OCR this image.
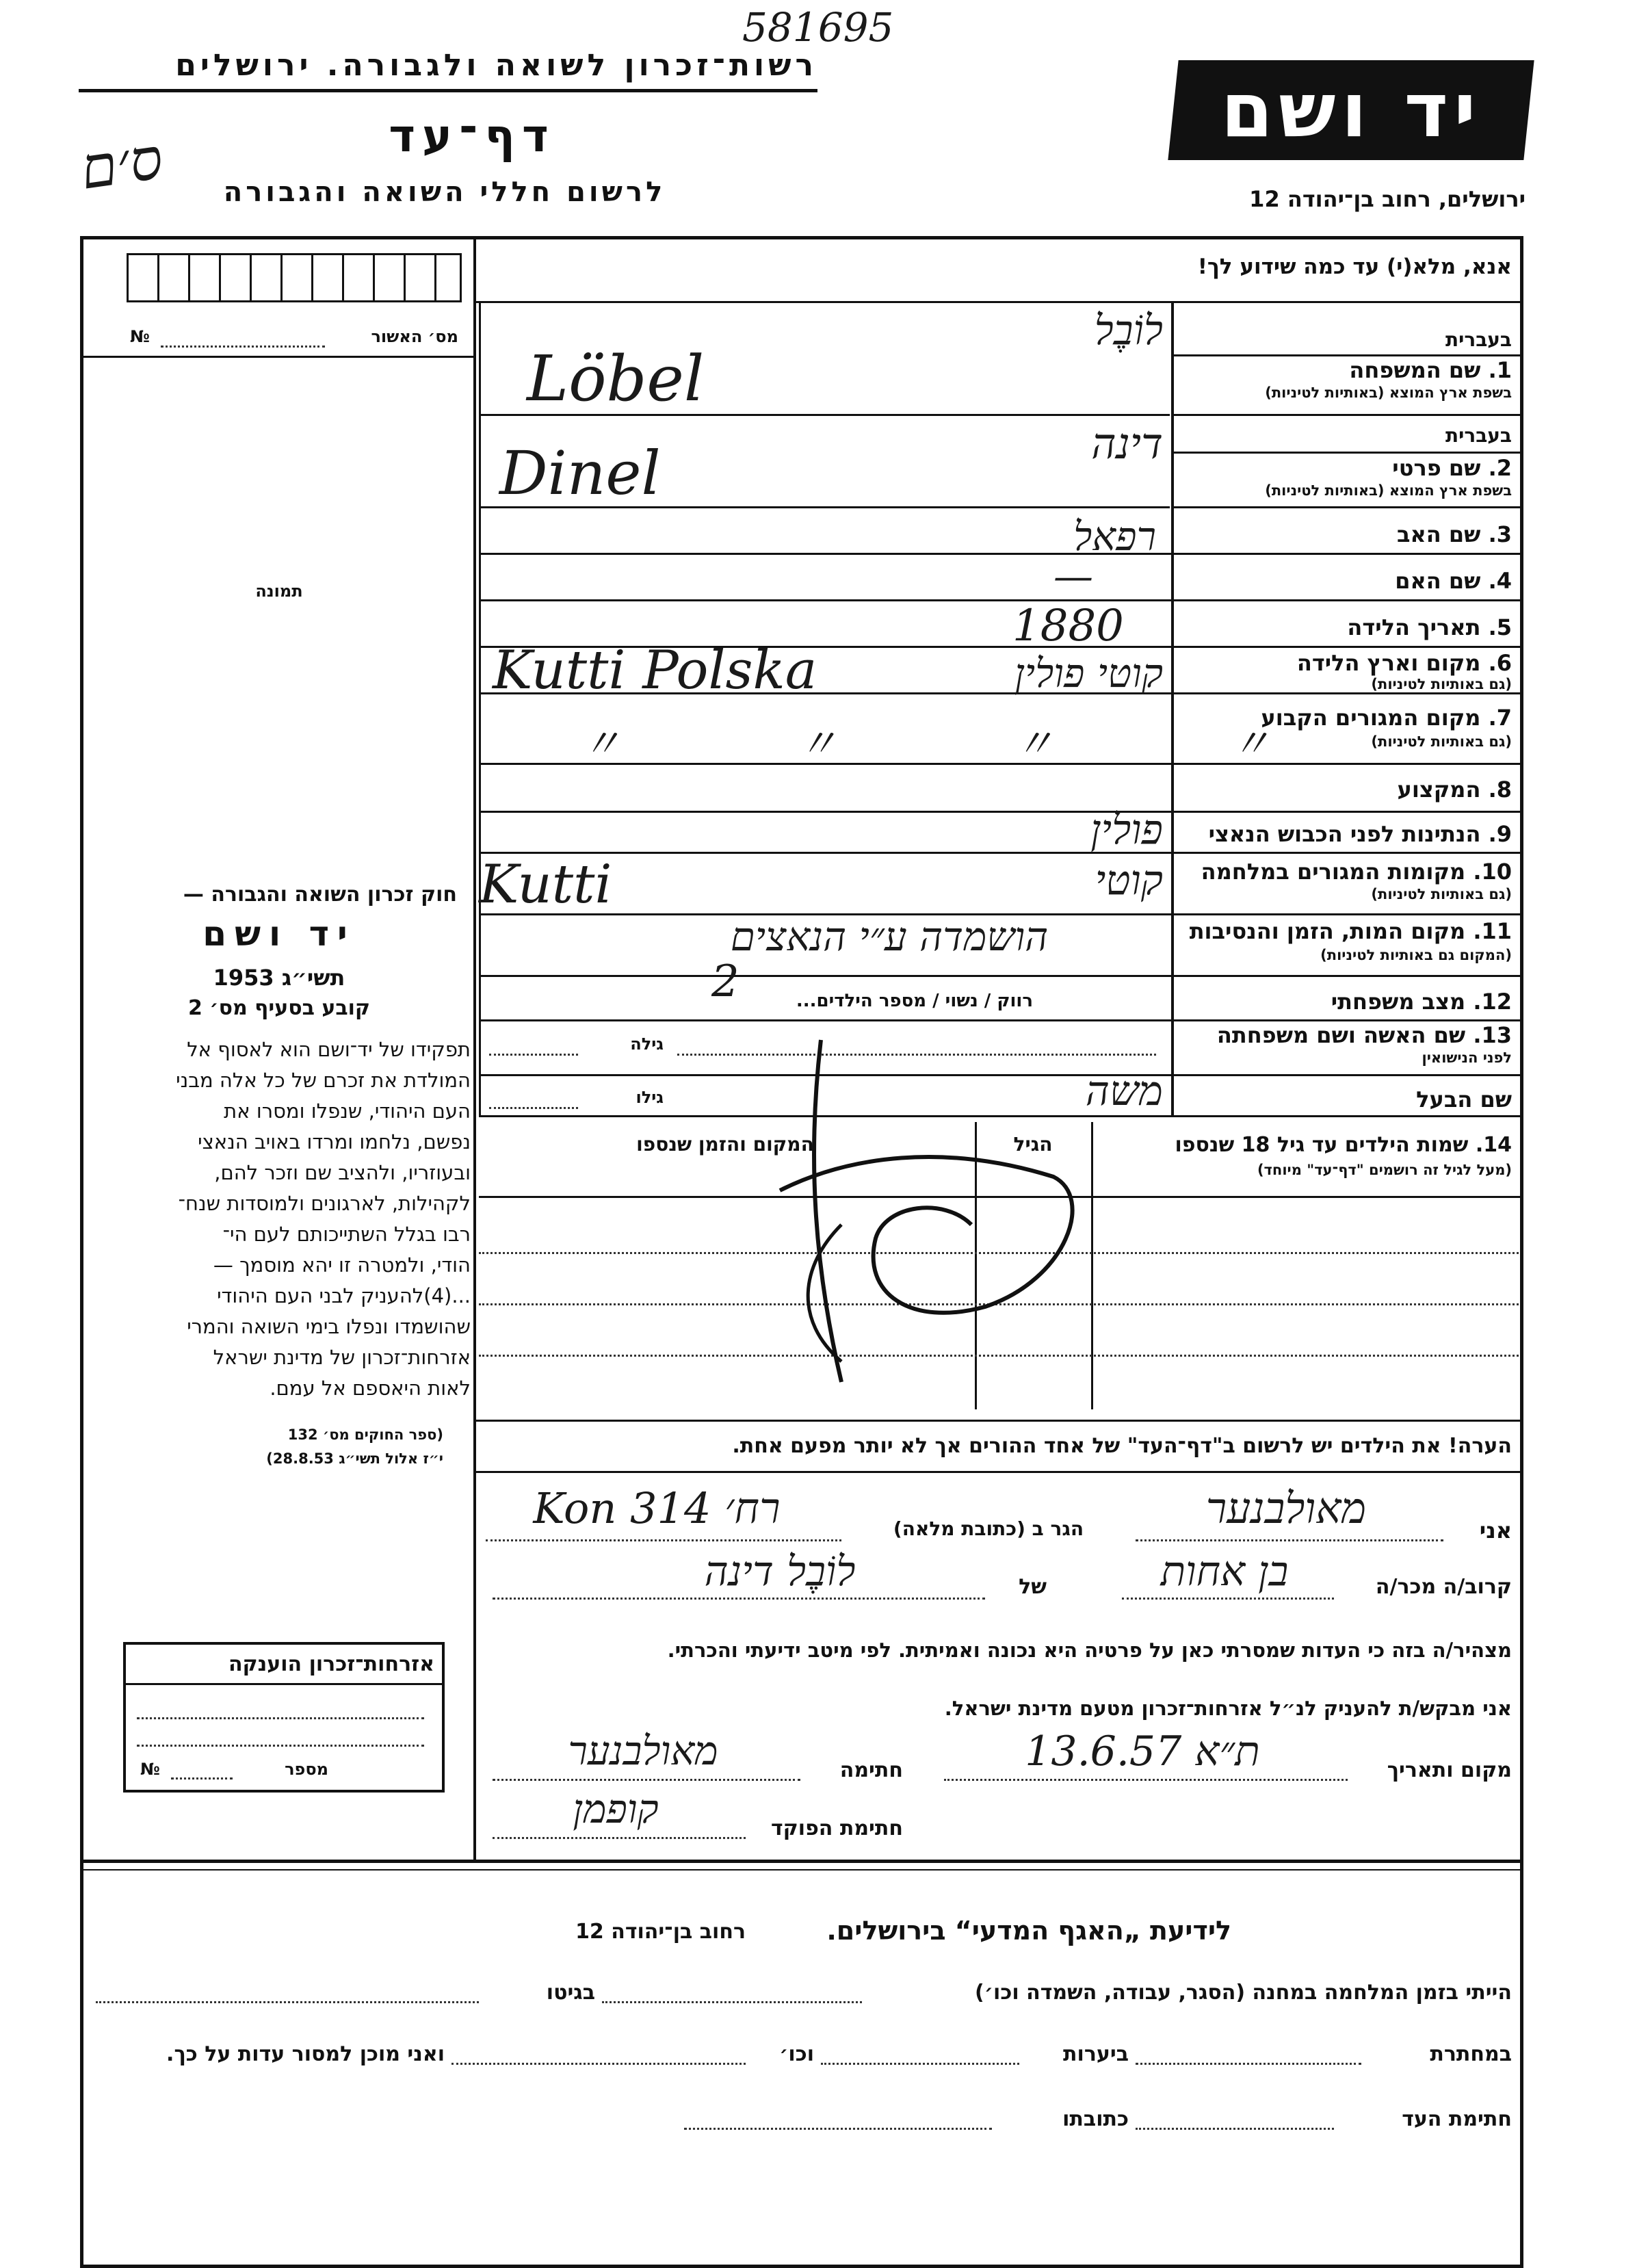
581695
רשות־זכרון לשואה ולגבורה. ירושלים
דף־עד
לרשום חללי השואה והגבורה
ס׳ם
יד ושם
ירושלים, רחוב בן־יהודה 12
מס׳ האשור
№
תמונה
חוק זכרון השואה והגבורה —
יד ושם
תשי״ג 1953
קובע בסעיף מס׳ 2
תפקידו של יד־ושם הוא לאסוף אל
המולדת את זכרם של כל אלה מבני
העם היהודי, שנפלו ומסרו את
נפשם, נלחמו ומרדו באויב הנאצי
ובעוזריו, ולהציב שם וזכר להם,
לקהילות, לארגונים ולמוסדות שנח־
רבו בגלל השתייכותם לעם הי־
הודי, ולמטרה זו יהא מוסמך —
...(4)להעניק לבני העם היהודי
שהושמדו ונפלו בימי השואה והמרי
אזרחות־זכרון של מדינת ישראל
לאות היאספם אל עמם.
(ספר החוקים מס׳ 132
י״ז אלול תשי״ג 28.8.53)
אזרחות־זכרון הוענקה
מספר
№
אנא, מלא(י) עד כמה שידוע לך!
בעברית
1. שם המשפחה
בשפת ארץ המוצא (באותיות לטיניות)
לוֹבֶל
Löbel
בעברית
2. שם פרטי
בשפת ארץ המוצא (באותיות לטיניות)
דינה
Dinel
3. שם האב
רפאל
4. שם האם
—
5. תאריך הלידה
1880
6. מקום וארץ הלידה
(גם באותיות לטיניות)
קוטי פולין
Kutti Polska
7. מקום המגורים הקבוע
(גם באותיות לטיניות)
〃 〃 〃 〃
8. המקצוע
9. הנתינות לפני הכבוש הנאצי
פולין
10. מקומות המגורים במלחמה
(גם באותיות לטיניות)
קוטי
Kutti
11. מקום המות, הזמן והנסיבות
(המקום גם באותיות לטיניות)
הושמדה ע״י הנאצים
12. מצב משפחתי
רווק / נשוי / מספר הילדים...
2
13. שם האשה ושם משפחתה
לפני הנישואין
גילה
שם הבעל
גילו	משה
14. שמות הילדים עד גיל 18 שנספו
(מעל לגיל זה רושמים "דף־עד" מיוחד)
הגיל
המקום והזמן שנספו
הערה! את הילדים יש לרשום ב"דף־העד" של אחד ההורים אך לא יותר מפעם אחת.
אני
מאולבנער
הגר ב (כתובת מלאה)
רח׳ 314 Kon
קרוב/ה מכר/ה
בן אחות
של
לוֹבֶל דינה
מצהיר/ה בזה כי העדות שמסרתי כאן על פרטיה היא נכונה ואמיתית. לפי מיטב ידיעתי והכרתי.
אני מבקש/ת להעניק לנ״ל אזרחות־זכרון מטעם מדינת ישראל.
מקום ותאריך
ת״א 13.6.57
חתימה
מאולבנער
חתימת הפוקד
קופמן
לידיעת „האגף המדעי“ בירושלים.
רחוב בן־יהודה 12
הייתי בזמן המלחמה במחנה (הסגר, עבודה, השמדה וכו׳)
בגיטו
במחתרת
ביערות
וכו׳
ואני מוכן למסור עדות על כך.
חתימת העד
כתובתו
